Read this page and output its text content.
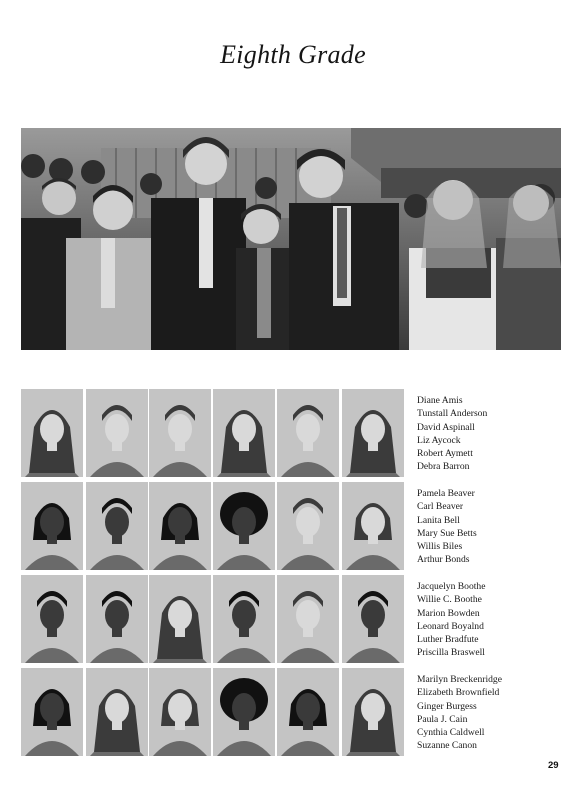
Eighth Grade
Diane Amis
Tunstall Anderson
David Aspinall
Liz Aycock
Robert Aymett
Debra Barron
Pamela Beaver
Carl Beaver
Lanita Bell
Mary Sue Betts
Willis Biles
Arthur Bonds
Jacquelyn Boothe
Willie C. Boothe
Marion Bowden
Leonard Boyalnd
Luther Bradfute
Priscilla Braswell
Marilyn Breckenridge
Elizabeth Brownfield
Ginger Burgess
Paula J. Cain
Cynthia Caldwell
Suzanne Canon
29
